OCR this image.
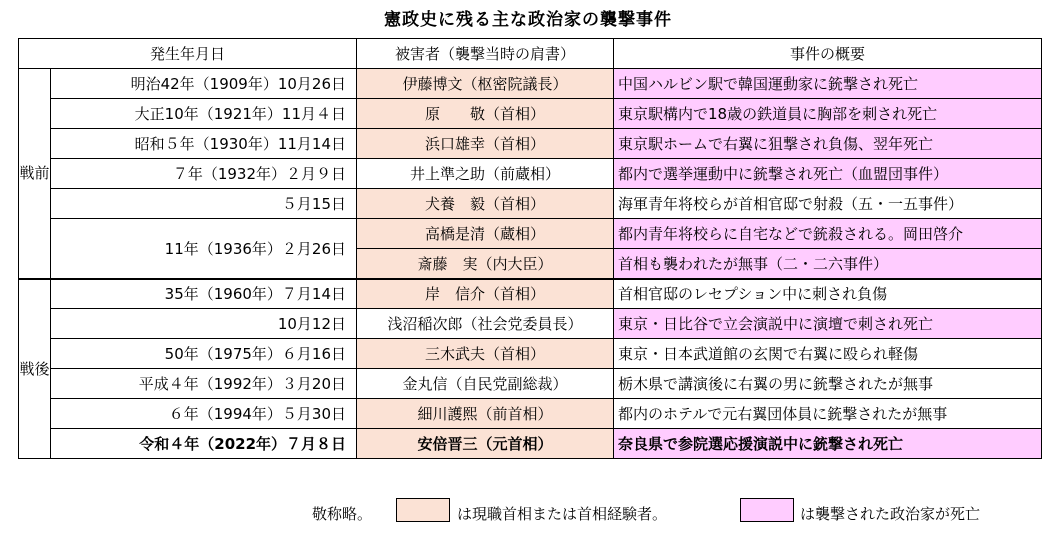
憲政史に残る主な政治家の襲撃事件
発生年月日		被害者（襲撃当時の肩書）	事件の概要

戦前	明治42年（1909年）10月26日	伊藤博文（枢密院議長）	中国ハルビン駅で韓国運動家に銃撃され死亡
	大正10年（1921年）11月４日	原　　敬（首相）	東京駅構内で18歳の鉄道員に胸部を刺され死亡
	昭和５年（1930年）11月14日	浜口雄幸（首相）	東京駅ホームで右翼に狙撃され負傷、翌年死亡
	７年（1932年）２月９日	井上準之助（前蔵相）	都内で選挙運動中に銃撃され死亡（血盟団事件）
	５月15日	犬養　毅（首相）	海軍青年将校らが首相官邸で射殺（五・一五事件）
	11年（1936年）２月26日	高橋是清（蔵相）	都内青年将校らに自宅などで銃殺される。岡田啓介
		斎藤　実（内大臣）	首相も襲われたが無事（二・二六事件）

戦後	35年（1960年）７月14日	岸　信介（首相）	首相官邸のレセプション中に刺され負傷
	10月12日	浅沼稲次郎（社会党委員長）	東京・日比谷で立会演説中に演壇で刺され死亡
	50年（1975年）６月16日	三木武夫（首相）	東京・日本武道館の玄関で右翼に殴られ軽傷
	平成４年（1992年）３月20日	金丸信（自民党副総裁）	栃木県で講演後に右翼の男に銃撃されたが無事
	６年（1994年）５月30日	細川護熙（前首相）	都内のホテルで元右翼団体員に銃撃されたが無事
	令和４年（2022年）７月８日	安倍晋三（元首相）	奈良県で参院選応援演説中に銃撃され死亡
敬称略。	は現職首相または首相経験者。	は襲撃された政治家が死亡
